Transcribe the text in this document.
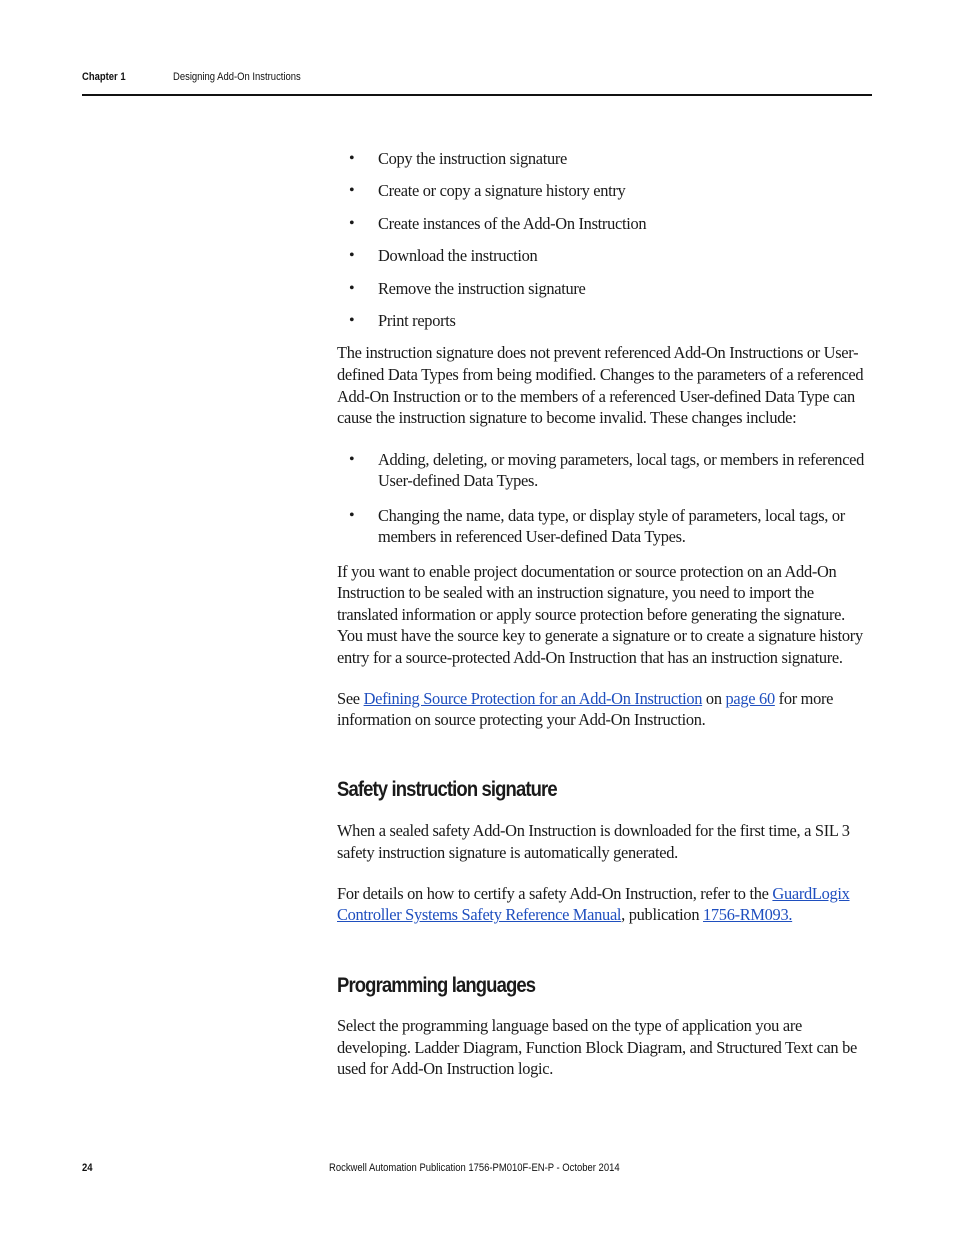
Chapter 1	Designing Add-On Instructions
• Copy the instruction signature
• Create or copy a signature history entry
• Create instances of the Add-On Instruction
• Download the instruction
• Remove the instruction signature
• Print reports

The instruction signature does not prevent referenced Add-On Instructions or User-defined Data Types from being modified. Changes to the parameters of a referenced Add-On Instruction or to the members of a referenced User-defined Data Type can cause the instruction signature to become invalid. These changes include:

• Adding, deleting, or moving parameters, local tags, or members in referenced User-defined Data Types.
• Changing the name, data type, or display style of parameters, local tags, or members in referenced User-defined Data Types.

If you want to enable project documentation or source protection on an Add-On Instruction to be sealed with an instruction signature, you need to import the translated information or apply source protection before generating the signature. You must have the source key to generate a signature or to create a signature history entry for a source-protected Add-On Instruction that has an instruction signature.

See Defining Source Protection for an Add-On Instruction on page 60 for more information on source protecting your Add-On Instruction.

Safety instruction signature

When a sealed safety Add-On Instruction is downloaded for the first time, a SIL 3 safety instruction signature is automatically generated.

For details on how to certify a safety Add-On Instruction, refer to the GuardLogix Controller Systems Safety Reference Manual, publication 1756-RM093.

Programming languages

Select the programming language based on the type of application you are developing. Ladder Diagram, Function Block Diagram, and Structured Text can be used for Add-On Instruction logic.

24	Rockwell Automation Publication 1756-PM010F-EN-P - October 2014
